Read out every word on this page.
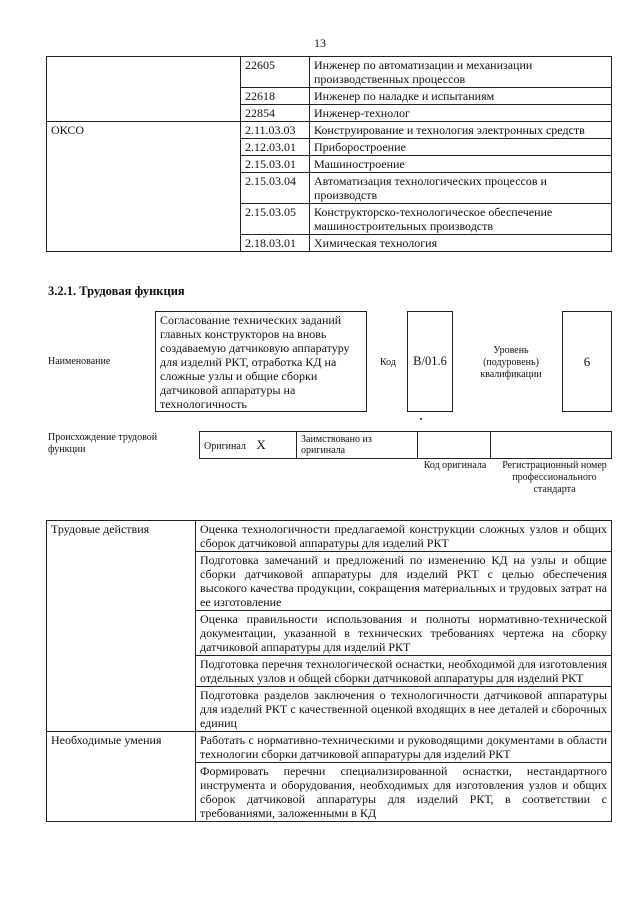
13
	22605	Инженер по автоматизации и механизации производственных процессов
	22618	Инженер по наладке и испытаниям
	22854	Инженер-технолог
ОКСО	2.11.03.03	Конструирование и технология электронных средств
	2.12.03.01	Приборостроение
	2.15.03.01	Машиностроение
	2.15.03.04	Автоматизация технологических процессов и производств
	2.15.03.05	Конструкторско-технологическое обеспечение машиностроительных производств
	2.18.03.01	Химическая технология
3.2.1. Трудовая функция
Наименование
Согласование технических заданий главных конструкторов на вновь создаваемую датчиковую аппаратуру для изделий РКТ, отработка КД на сложные узлы и общие сборки датчиковой аппаратуры на технологичность
Код B/01.6
Уровень (подуровень) квалификации
6
Происхождение трудовой функции	Оригинал X	Заимствовано из оригинала		
Код оригинала	Регистрационный номер профессионального стандарта
Трудовые действия	Оценка технологичности предлагаемой конструкции сложных узлов и общих сборок датчиковой аппаратуры для изделий РКТ
	Подготовка замечаний и предложений по изменению КД на узлы и общие сборки датчиковой аппаратуры для изделий РКТ с целью обеспечения высокого качества продукции, сокращения материальных и трудовых затрат на ее изготовление
	Оценка правильности использования и полноты нормативно-технической документации, указанной в технических требованиях чертежа на сборку датчиковой аппаратуры для изделий РКТ
	Подготовка перечня технологической оснастки, необходимой для изготовления отдельных узлов и общей сборки датчиковой аппаратуры для изделий РКТ
	Подготовка разделов заключения о технологичности датчиковой аппаратуры для изделий РКТ с качественной оценкой входящих в нее деталей и сборочных единиц
Необходимые умения	Работать с нормативно-техническими и руководящими документами в области технологии сборки датчиковой аппаратуры для изделий РКТ
	Формировать перечни специализированной оснастки, нестандартного инструмента и оборудования, необходимых для изготовления узлов и общих сборок датчиковой аппаратуры для изделий РКТ, в соответствии с требованиями, заложенными в КД
